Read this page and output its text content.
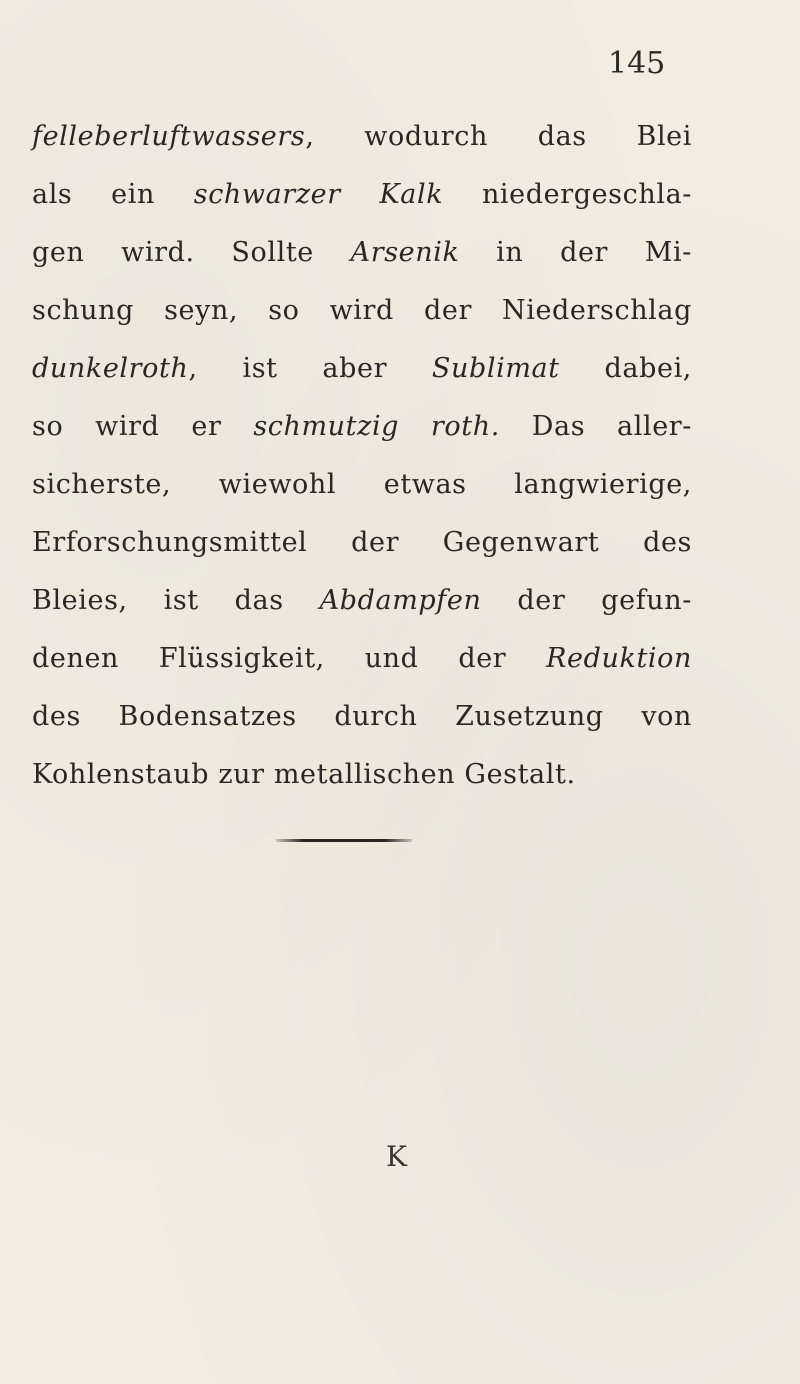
145
felleberluftwassers, wodurch das Blei
als ein schwarzer Kalk niedergeschla-
gen wird. Sollte Arsenik in der Mi-
schung seyn, so wird der Niederschlag
dunkelroth, ist aber Sublimat dabei,
so wird er schmutzig roth. Das aller-
sicherste, wiewohl etwas langwierige,
Erforschungsmittel der Gegenwart des
Bleies, ist das Abdampfen der gefun-
denen Flüssigkeit, und der Reduktion
des Bodensatzes durch Zusetzung von
Kohlenstaub zur metallischen Gestalt.
K
